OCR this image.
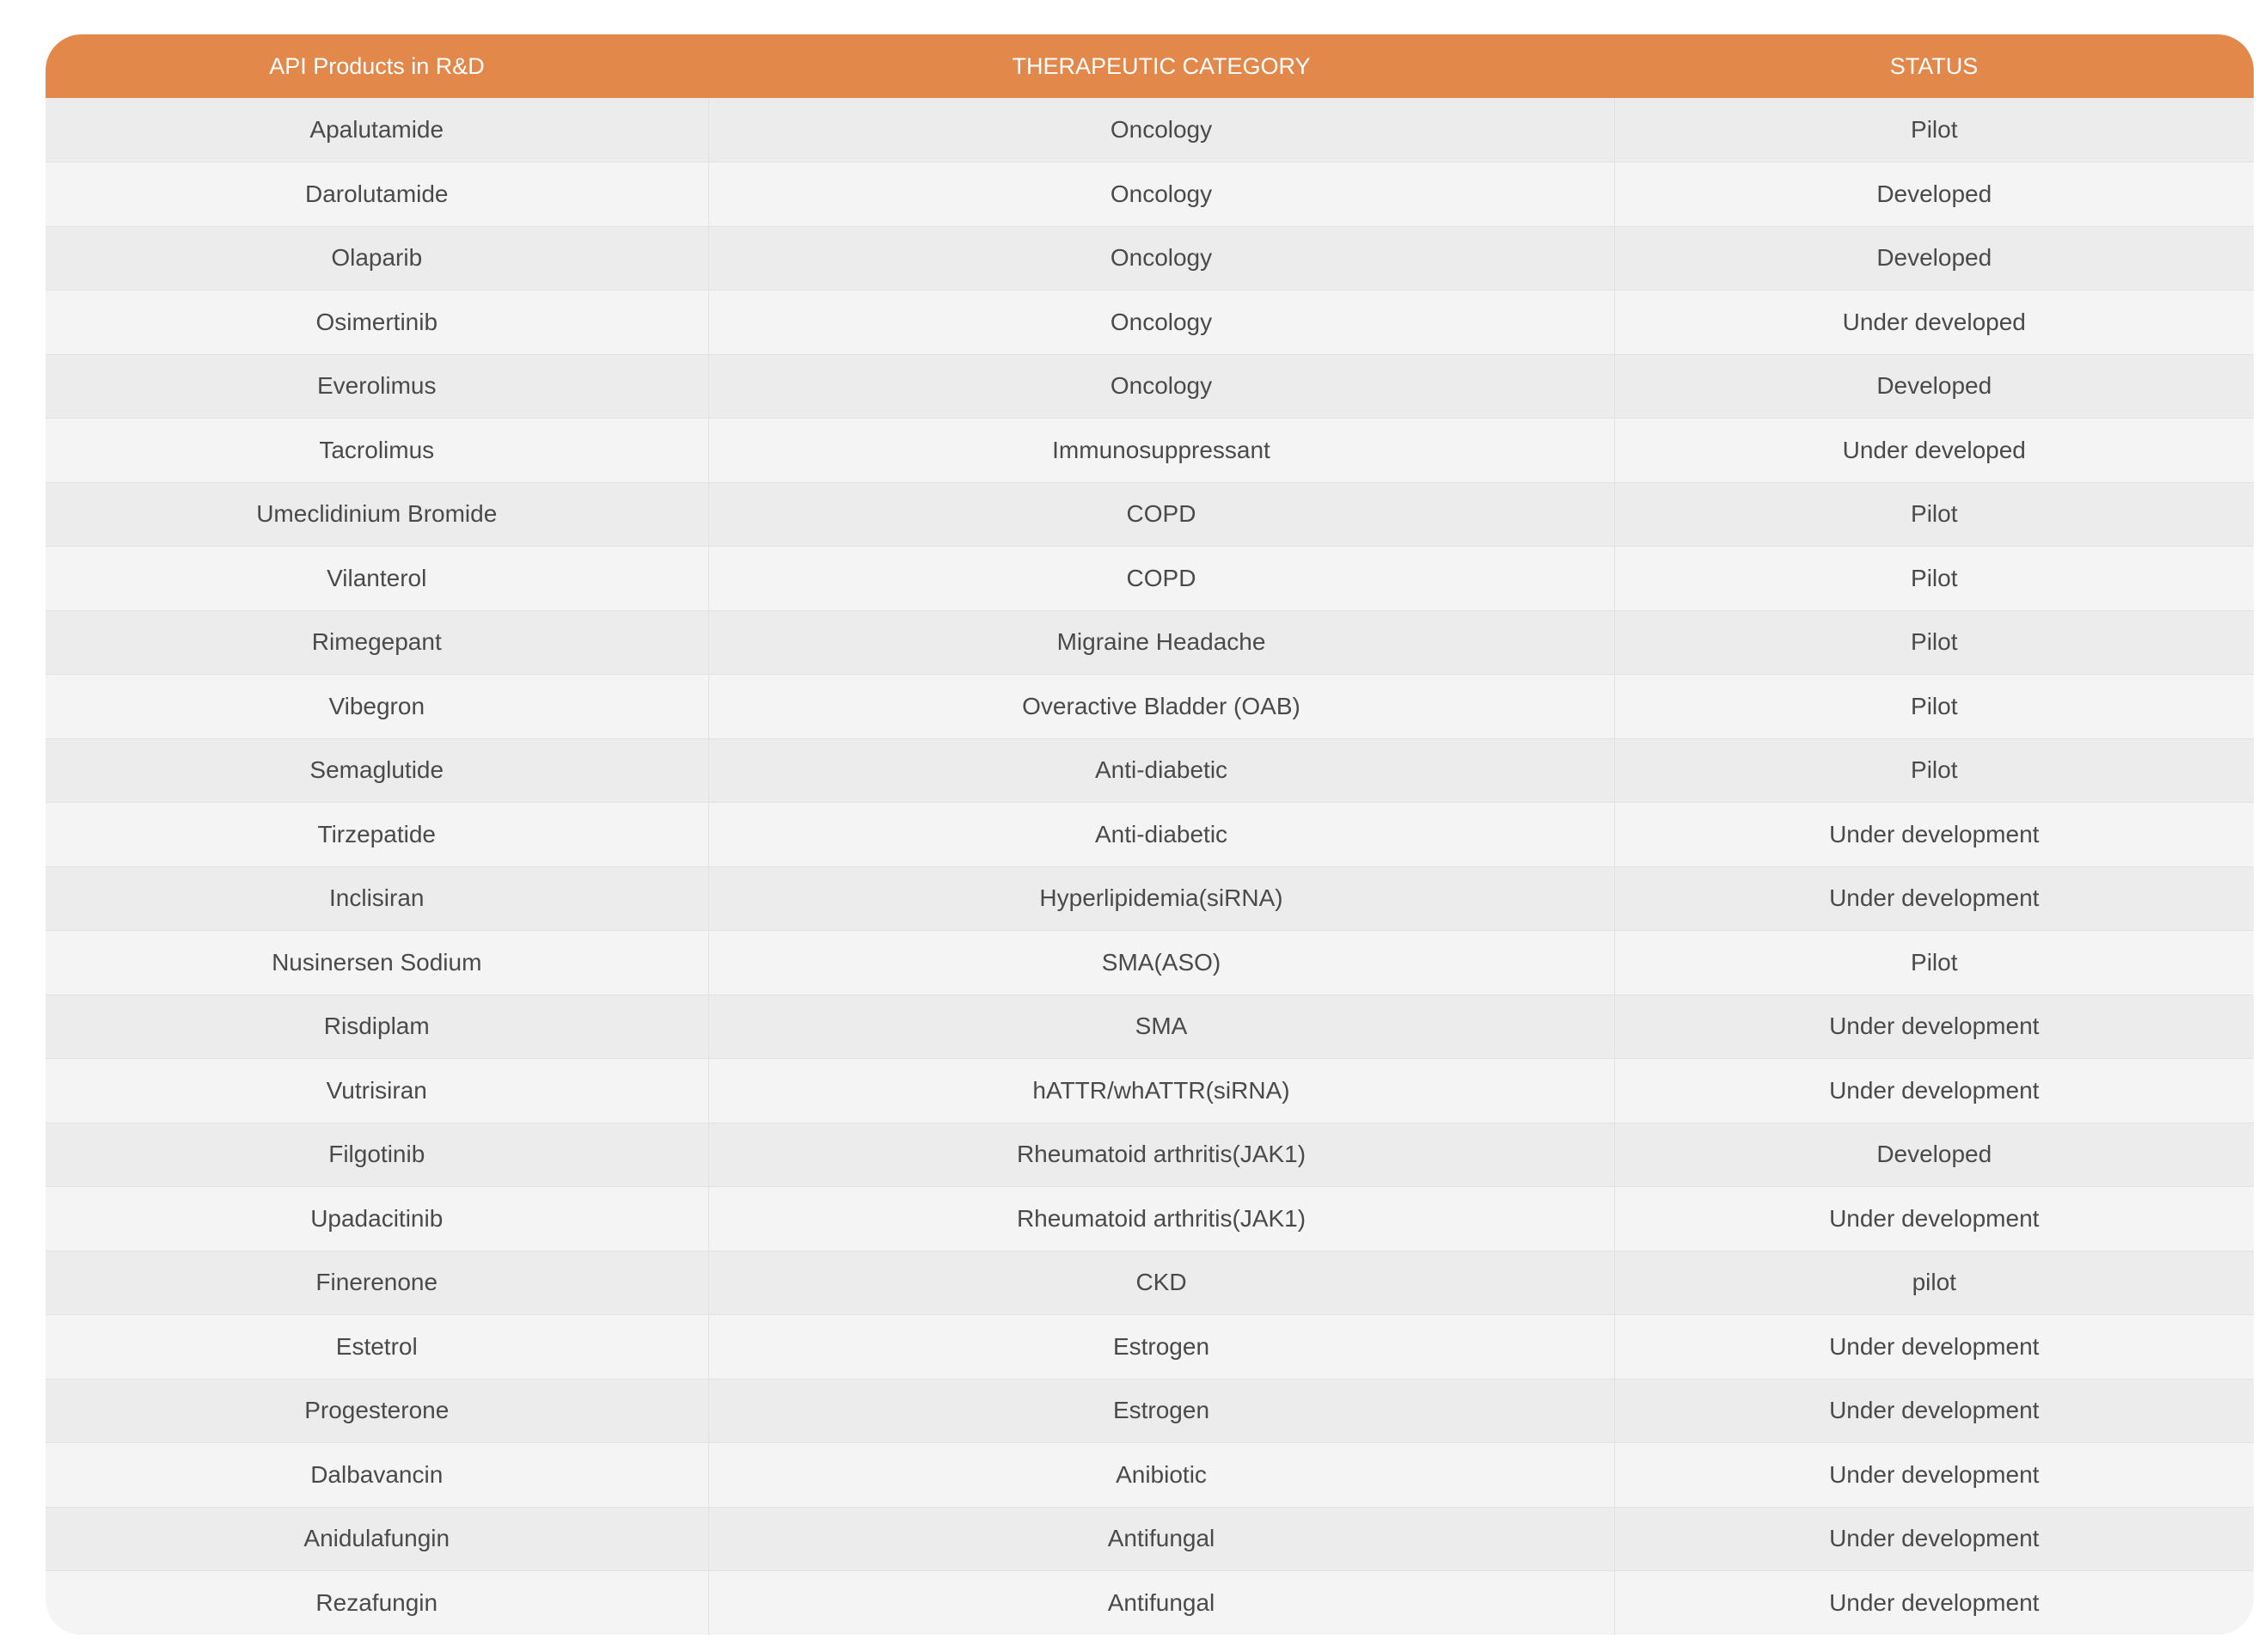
API Products in R&D	THERAPEUTIC CATEGORY	STATUS
Apalutamide	Oncology	Pilot
Darolutamide	Oncology	Developed
Olaparib	Oncology	Developed
Osimertinib	Oncology	Under developed
Everolimus	Oncology	Developed
Tacrolimus	Immunosuppressant	Under developed
Umeclidinium Bromide	COPD	Pilot
Vilanterol	COPD	Pilot
Rimegepant	Migraine Headache	Pilot
Vibegron	Overactive Bladder (OAB)	Pilot
Semaglutide	Anti-diabetic	Pilot
Tirzepatide	Anti-diabetic	Under development
Inclisiran	Hyperlipidemia(siRNA)	Under development
Nusinersen Sodium	SMA(ASO)	Pilot
Risdiplam	SMA	Under development
Vutrisiran	hATTR/whATTR(siRNA)	Under development
Filgotinib	Rheumatoid arthritis(JAK1)	Developed
Upadacitinib	Rheumatoid arthritis(JAK1)	Under development
Finerenone	CKD	pilot
Estetrol	Estrogen	Under development
Progesterone	Estrogen	Under development
Dalbavancin	Anibiotic	Under development
Anidulafungin	Antifungal	Under development
Rezafungin	Antifungal	Under development
